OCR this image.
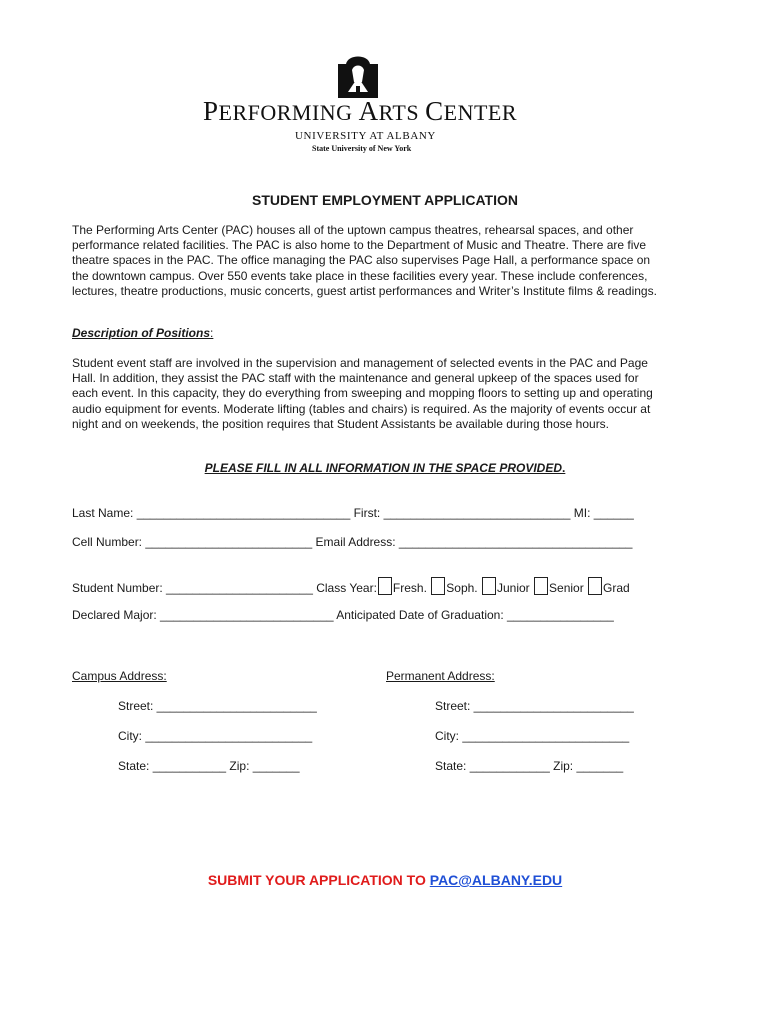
PERFORMING ARTS CENTER
UNIVERSITY AT ALBANY
State University of New York
STUDENT EMPLOYMENT APPLICATION

The Performing Arts Center (PAC) houses all of the uptown campus theatres, rehearsal spaces, and other
performance related facilities. The PAC is also home to the Department of Music and Theatre. There are five
theatre spaces in the PAC. The office managing the PAC also supervises Page Hall, a performance space on
the downtown campus. Over 550 events take place in these facilities every year. These include conferences,
lectures, theatre productions, music concerts, guest artist performances and Writer’s Institute films & readings.

Description of Positions:

Student event staff are involved in the supervision and management of selected events in the PAC and Page
Hall. In addition, they assist the PAC staff with the maintenance and general upkeep of the spaces used for
each event. In this capacity, they do everything from sweeping and mopping floors to setting up and operating
audio equipment for events. Moderate lifting (tables and chairs) is required. As the majority of events occur at
night and on weekends, the position requires that Student Assistants be available during those hours.

PLEASE FILL IN ALL INFORMATION IN THE SPACE PROVIDED.
Last Name: ________________________________ First: ____________________________ MI: ______
Cell Number: _________________________ Email Address: ___________________________________
Student Number: ______________________ Class Year: Fresh. Soph. Junior Senior Grad
Declared Major: __________________________ Anticipated Date of Graduation: ________________
Campus Address:	Permanent Address:
Street: ________________________
City: _________________________
State: ___________ Zip: _______
Street: ________________________
City: _________________________
State: ____________ Zip: _______
SUBMIT YOUR APPLICATION TO PAC@ALBANY.EDU
